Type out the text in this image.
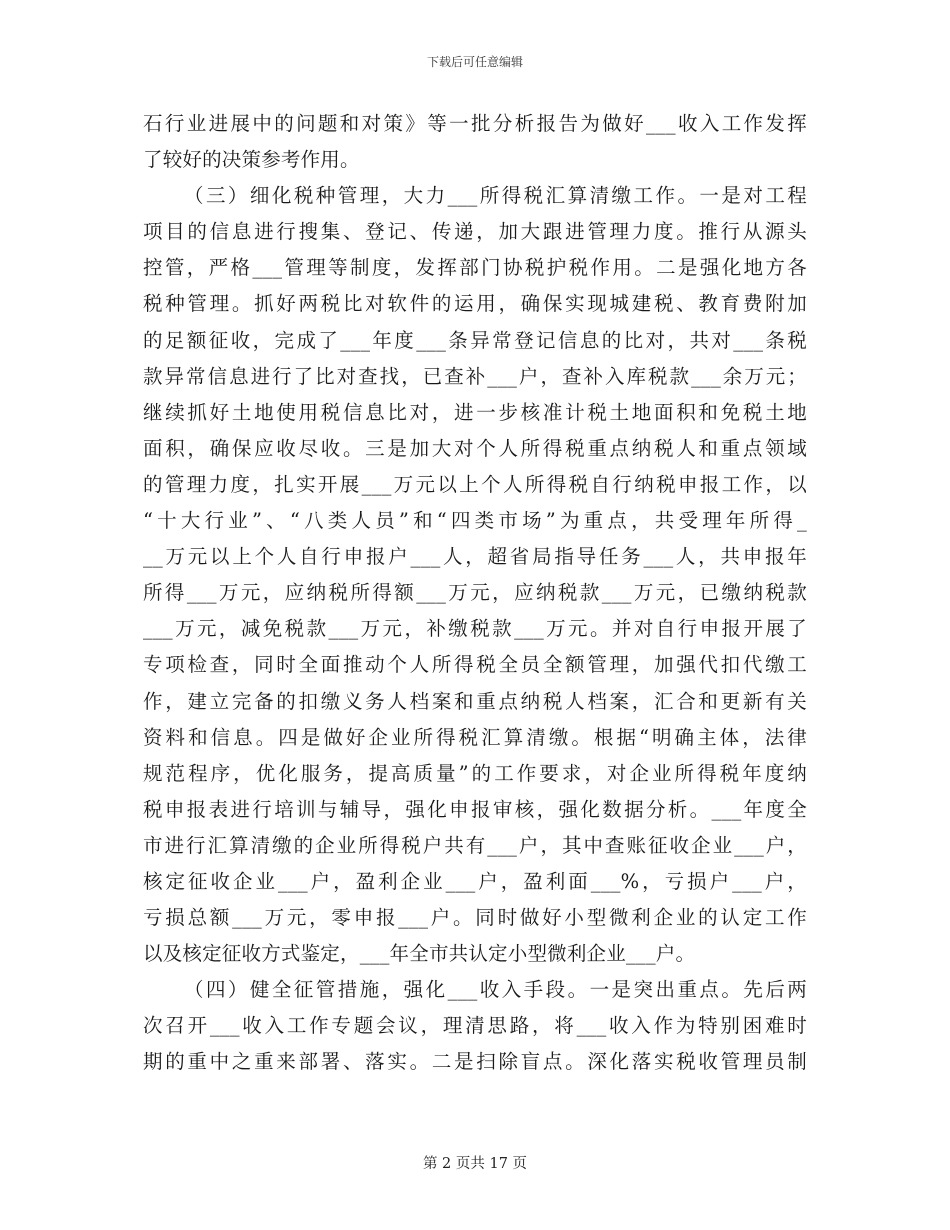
下载后可任意编辑
石行业进展中的问题和对策》等一批分析报告为做好___收入工作发挥
了较好的决策参考作用。
（三）细化税种管理，大力___所得税汇算清缴工作。一是对工程
项目的信息进行搜集、登记、传递，加大跟进管理力度。推行从源头
控管，严格___管理等制度，发挥部门协税护税作用。二是强化地方各
税种管理。抓好两税比对软件的运用，确保实现城建税、教育费附加
的足额征收，完成了___年度___条异常登记信息的比对，共对___条税
款异常信息进行了比对查找，已查补___户，查补入库税款___余万元；
继续抓好土地使用税信息比对，进一步核准计税土地面积和免税土地
面积，确保应收尽收。三是加大对个人所得税重点纳税人和重点领域
的管理力度，扎实开展___万元以上个人所得税自行纳税申报工作，以
“十大行业”、“八类人员”和“四类市场”为重点，共受理年所得_
__万元以上个人自行申报户___人，超省局指导任务___人，共申报年
所得___万元，应纳税所得额___万元，应纳税款___万元，已缴纳税款
___万元，减免税款___万元，补缴税款___万元。并对自行申报开展了
专项检查，同时全面推动个人所得税全员全额管理，加强代扣代缴工
作，建立完备的扣缴义务人档案和重点纳税人档案，汇合和更新有关
资料和信息。四是做好企业所得税汇算清缴。根据“明确主体，法律
规范程序，优化服务，提高质量”的工作要求，对企业所得税年度纳
税申报表进行培训与辅导，强化申报审核，强化数据分析。___年度全
市进行汇算清缴的企业所得税户共有___户，其中查账征收企业___户，
核定征收企业___户，盈利企业___户，盈利面___%，亏损户___户，
亏损总额___万元，零申报___户。同时做好小型微利企业的认定工作
以及核定征收方式鉴定，___年全市共认定小型微利企业___户。
（四）健全征管措施，强化___收入手段。一是突出重点。先后两
次召开___收入工作专题会议，理清思路，将___收入作为特别困难时
期的重中之重来部署、落实。二是扫除盲点。深化落实税收管理员制
第 2 页共 17 页
